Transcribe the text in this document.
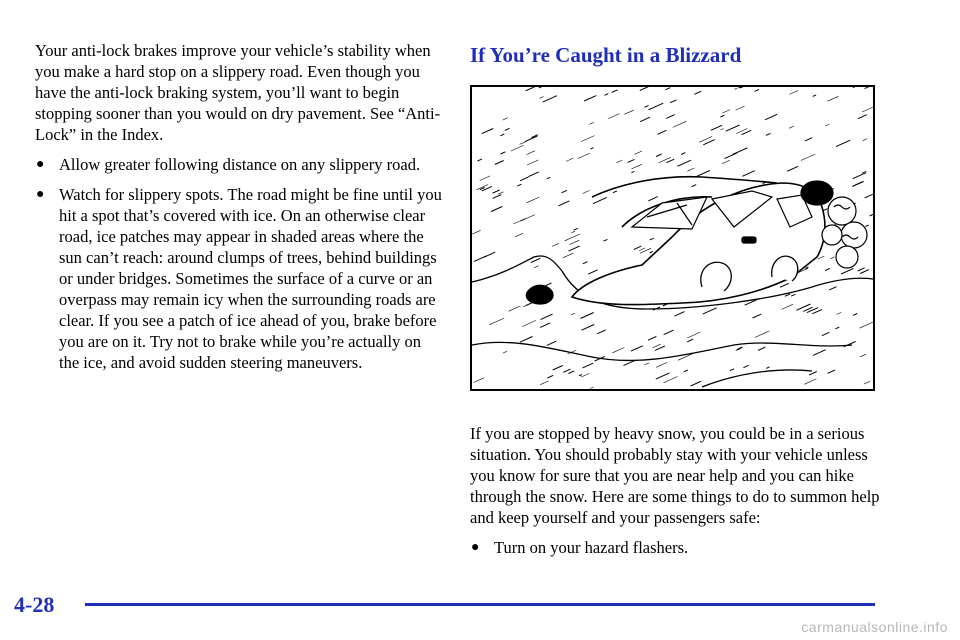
Your anti-lock brakes improve your vehicle’s stability when you make a hard stop on a slippery road. Even though you have the anti-lock braking system, you’ll want to begin stopping sooner than you would on dry pavement. See “Anti-Lock” in the Index.

● Allow greater following distance on any slippery road.
● Watch for slippery spots. The road might be fine until you hit a spot that’s covered with ice. On an otherwise clear road, ice patches may appear in shaded areas where the sun can’t reach: around clumps of trees, behind buildings or under bridges. Sometimes the surface of a curve or an overpass may remain icy when the surrounding roads are clear. If you see a patch of ice ahead of you, brake before you are on it. Try not to brake while you’re actually on the ice, and avoid sudden steering maneuvers.
If You’re Caught in a Blizzard

If you are stopped by heavy snow, you could be in a serious situation. You should probably stay with your vehicle unless you know for sure that you are near help and you can hike through the snow. Here are some things to do to summon help and keep yourself and your passengers safe:

● Turn on your hazard flashers.
4-28
carmanualsonline.info
